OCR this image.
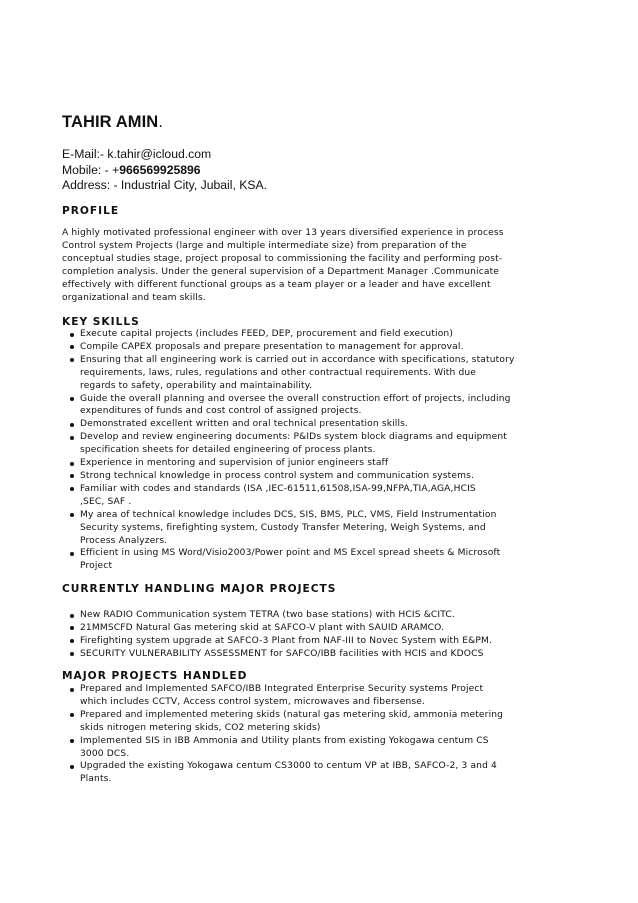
TAHIR AMIN.
E-Mail:- k.tahir@icloud.com
Mobile: - +966569925896
Address: - Industrial City, Jubail, KSA.
PROFILE
A highly motivated professional engineer with over 13 years diversified experience in process
Control system Projects (large and multiple intermediate size) from preparation of the
conceptual studies stage, project proposal to commissioning the facility and performing post-
completion analysis. Under the general supervision of a Department Manager .Communicate
effectively with different functional groups as a team player or a leader and have excellent
organizational and team skills.
KEY SKILLS
Execute capital projects (includes FEED, DEP, procurement and field execution)
Compile CAPEX proposals and prepare presentation to management for approval.
Ensuring that all engineering work is carried out in accordance with specifications, statutory
requirements, laws, rules, regulations and other contractual requirements. With due
regards to safety, operability and maintainability.
Guide the overall planning and oversee the overall construction effort of projects, including
expenditures of funds and cost control of assigned projects.
Demonstrated excellent written and oral technical presentation skills.
Develop and review engineering documents: P&IDs system block diagrams and equipment
specification sheets for detailed engineering of process plants.
Experience in mentoring and supervision of junior engineers staff
Strong technical knowledge in process control system and communication systems.
Familiar with codes and standards (ISA ,IEC-61511,61508,ISA-99,NFPA,TIA,AGA,HCIS
,SEC, SAF .
My area of technical knowledge includes DCS, SIS, BMS, PLC, VMS, Field Instrumentation
Security systems, firefighting system, Custody Transfer Metering, Weigh Systems, and
Process Analyzers.
Efficient in using MS Word/Visio2003/Power point and MS Excel spread sheets & Microsoft
Project
CURRENTLY HANDLING MAJOR PROJECTS
New RADIO Communication system TETRA (two base stations) with HCIS &CITC.
21MMSCFD Natural Gas metering skid at SAFCO-V plant with SAUID ARAMCO.
Firefighting system upgrade at SAFCO-3 Plant from NAF-III to Novec System with E&PM.
SECURITY VULNERABILITY ASSESSMENT for SAFCO/IBB facilities with HCIS and KDOCS
MAJOR PROJECTS HANDLED
Prepared and Implemented SAFCO/IBB Integrated Enterprise Security systems Project
which includes CCTV, Access control system, microwaves and fibersense.
Prepared and implemented metering skids (natural gas metering skid, ammonia metering
skids nitrogen metering skids, CO2 metering skids)
Implemented SIS in IBB Ammonia and Utility plants from existing Yokogawa centum CS
3000 DCS.
Upgraded the existing Yokogawa centum CS3000 to centum VP at IBB, SAFCO-2, 3 and 4
Plants.
